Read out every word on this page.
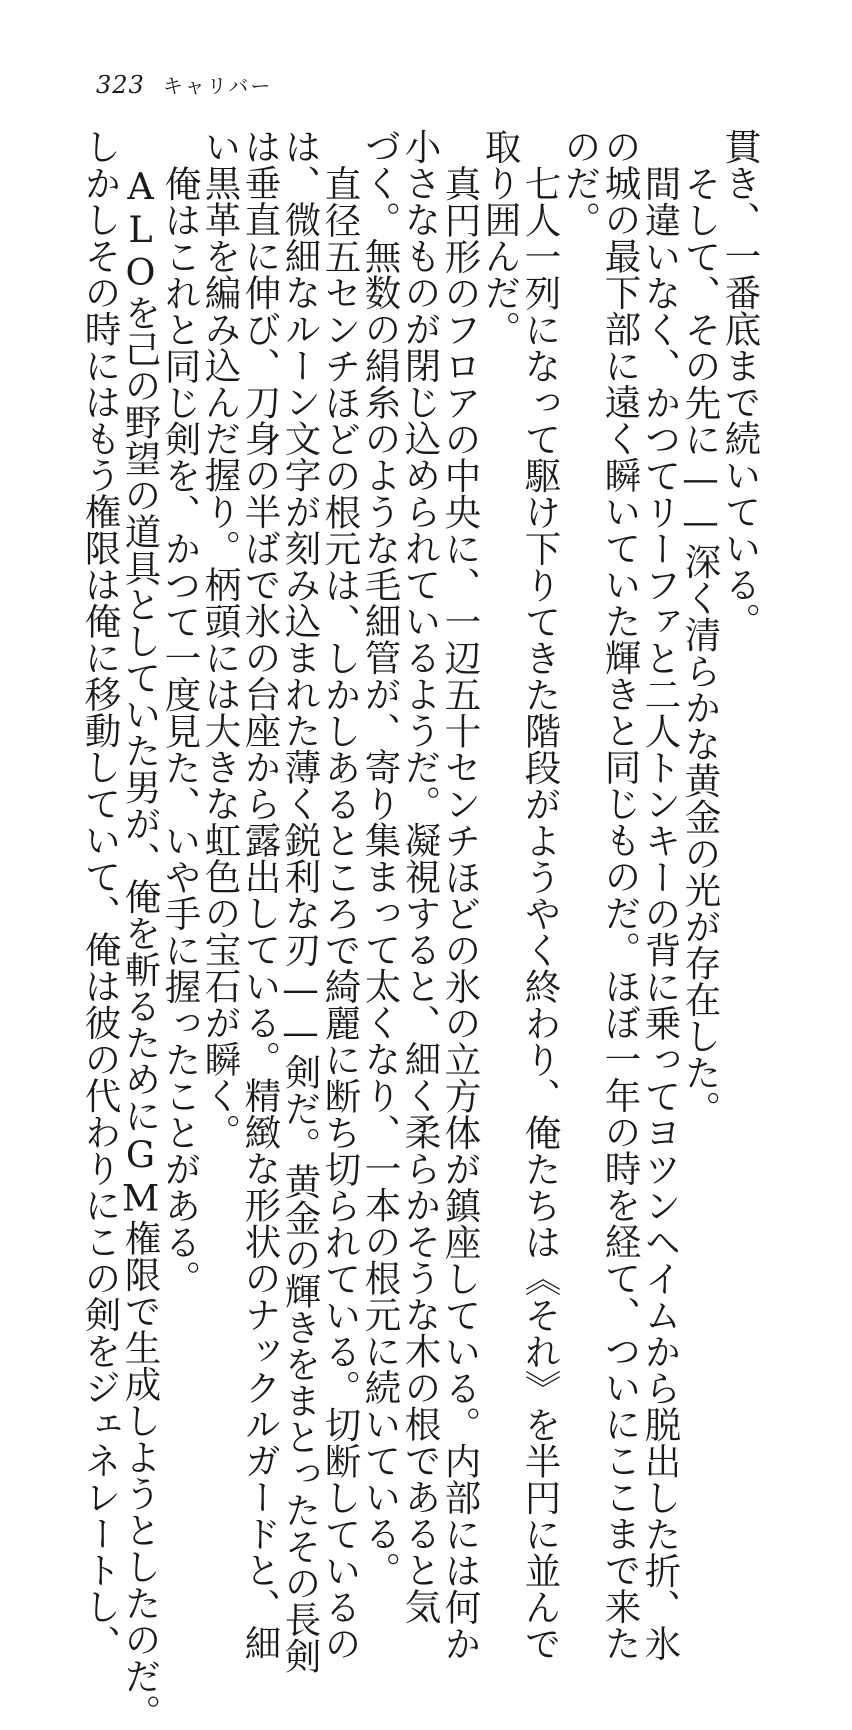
323 キャリバー
貫き、一番底まで続いている。
そして、その先に——深く清らかな黄金の光が存在した。
間違いなく、かつてリーファと二人トンキーの背に乗ってヨツンヘイムから脱出した折、氷
の城の最下部に遠く瞬いていた輝きと同じものだ。ほぼ一年の時を経て、ついにここまで来た
のだ。
七人一列になって駆け下りてきた階段がようやく終わり、俺たちは《それ》を半円に並んで
取り囲んだ。
真円形のフロアの中央に、一辺五十センチほどの氷の立方体が鎮座している。内部には何か
小さなものが閉じ込められているようだ。凝視すると、細く柔らかそうな木の根であると気
づく。無数の絹糸のような毛細管が、寄り集まって太くなり、一本の根元に続いている。
直径五センチほどの根元は、しかしあるところで綺麗に断ち切られている。切断しているの
は、微細なルーン文字が刻み込まれた薄く鋭利な刃——剣だ。黄金の輝きをまとったその長剣
は垂直に伸び、刀身の半ばで氷の台座から露出している。精緻な形状のナックルガードと、細
い黒革を編み込んだ握り。柄頭には大きな虹色の宝石が瞬く。
俺はこれと同じ剣を、かつて一度見た、いや手に握ったことがある。
ALOを己の野望の道具としていた男が、俺を斬るためにGM権限で生成しようとしたのだ。
しかしその時にはもう権限は俺に移動していて、俺は彼の代わりにこの剣をジェネレートし、
